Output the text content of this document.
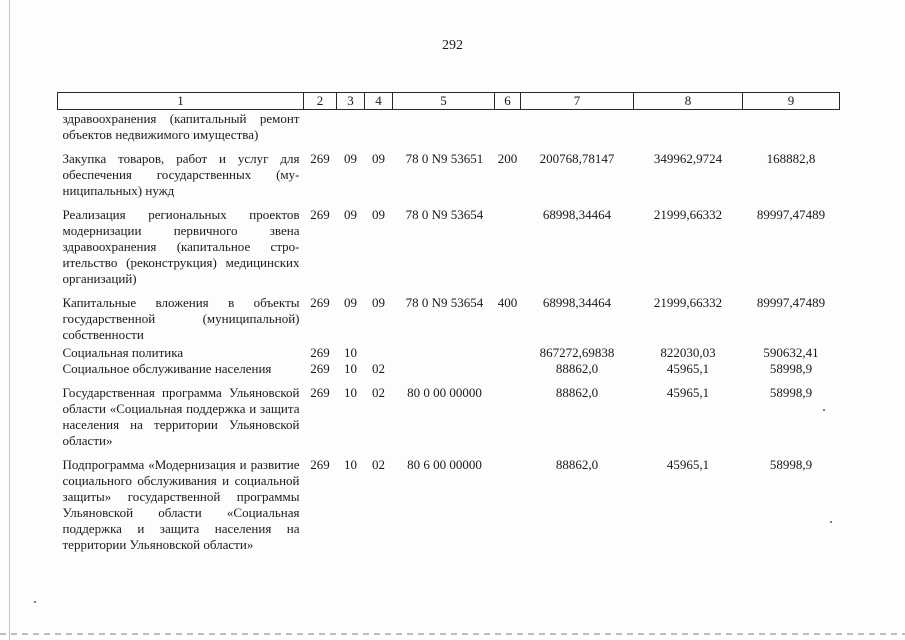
292
1	2	3	4	5	6	7	8	9
здравоохранения (капитальный ремонт объектов недвижимого имущества)								
Закупка товаров, работ и услуг для обеспечения государственных (муниципальных) нужд	269	09	09	78 0 N9 53651	200	200768,78147	349962,9724	168882,8
Реализация региональных проектов модернизации первичного звена здравоохранения (капитальное строительство (реконструкция) медицинских организаций)	269	09	09	78 0 N9 53654		68998,34464	21999,66332	89997,47489
Капитальные вложения в объекты государственной (муниципальной) собственности	269	09	09	78 0 N9 53654	400	68998,34464	21999,66332	89997,47489
Социальная политика	269	10				867272,69838	822030,03	590632,41
Социальное обслуживание населения	269	10	02			88862,0	45965,1	58998,9
Государственная программа Ульяновской области «Социальная поддержка и защита населения на территории Ульяновской области»	269	10	02	80 0 00 00000		88862,0	45965,1	58998,9
Подпрограмма «Модернизация и развитие социального обслуживания и социальной защиты» государственной программы Ульяновской области «Социальная поддержка и защита населения на территории Ульяновской области»	269	10	02	80 6 00 00000		88862,0	45965,1	58998,9
